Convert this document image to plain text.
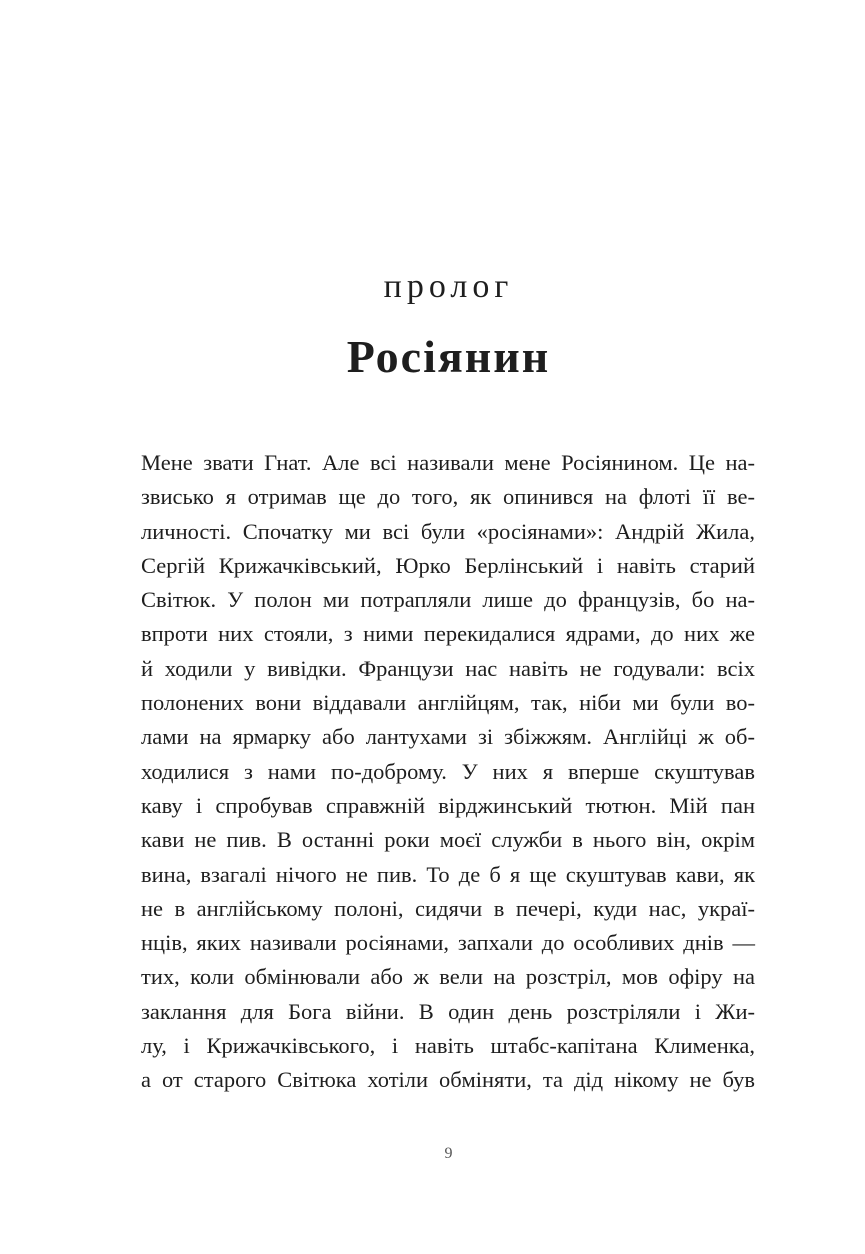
пролог
Росіянин
Мене звати Гнат. Але всі називали мене Росіянином. Це на-
звисько я отримав ще до того, як опинився на флоті її ве-
личності. Спочатку ми всі були «росіянами»: Андрій Жила,
Сергій Крижачківський, Юрко Берлінський і навіть старий
Світюк. У полон ми потрапляли лише до французів, бо на-
впроти них стояли, з ними перекидалися ядрами, до них же
й ходили у вивідки. Французи нас навіть не годували: всіх
полонених вони віддавали англійцям, так, ніби ми були во-
лами на ярмарку або лантухами зі збіжжям. Англійці ж об-
ходилися з нами по-доброму. У них я вперше скуштував
каву і спробував справжній вірджинський тютюн. Мій пан
кави не пив. В останні роки моєї служби в нього він, окрім
вина, взагалі нічого не пив. То де б я ще скуштував кави, як
не в англійському полоні, сидячи в печері, куди нас, украї-
нців, яких називали росіянами, запхали до особливих днів —
тих, коли обмінювали або ж вели на розстріл, мов офіру на
заклання для Бога війни. В один день розстріляли і Жи-
лу, і Крижачківського, і навіть штабс-капітана Клименка,
а от старого Світюка хотіли обміняти, та дід нікому не був
9
